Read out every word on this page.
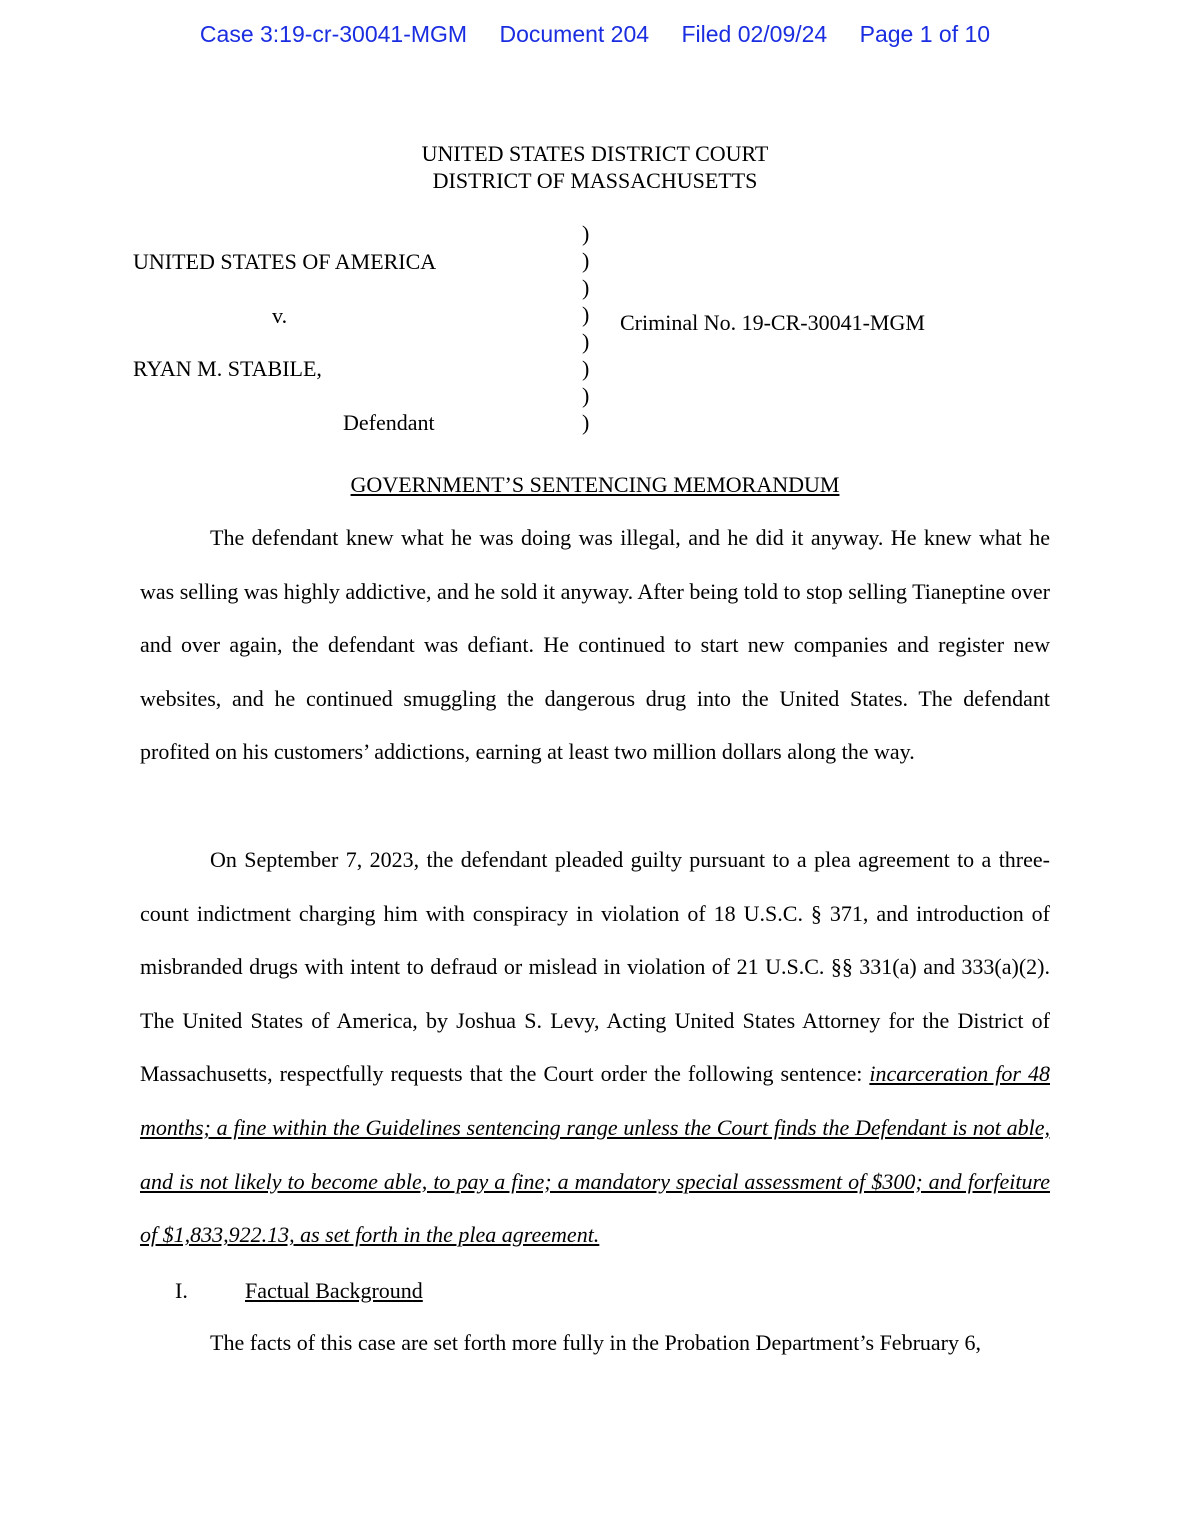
Case 3:19-cr-30041-MGM Document 204 Filed 02/09/24 Page 1 of 10
UNITED STATES DISTRICT COURT
DISTRICT OF MASSACHUSETTS
UNITED STATES OF AMERICA
v.
RYAN M. STABILE,
Defendant
Criminal No. 19-CR-30041-MGM
)
)
)
)
)
)
)
)
GOVERNMENT’S SENTENCING MEMORANDUM
The defendant knew what he was doing was illegal, and he did it anyway. He knew what he was selling was highly addictive, and he sold it anyway. After being told to stop selling Tianeptine over and over again, the defendant was defiant. He continued to start new companies and register new websites, and he continued smuggling the dangerous drug into the United States. The defendant profited on his customers’ addictions, earning at least two million dollars along the way.
On September 7, 2023, the defendant pleaded guilty pursuant to a plea agreement to a three-count indictment charging him with conspiracy in violation of 18 U.S.C. § 371, and introduction of misbranded drugs with intent to defraud or mislead in violation of 21 U.S.C. §§ 331(a) and 333(a)(2). The United States of America, by Joshua S. Levy, Acting United States Attorney for the District of Massachusetts, respectfully requests that the Court order the following sentence: incarceration for 48 months; a fine within the Guidelines sentencing range unless the Court finds the Defendant is not able, and is not likely to become able, to pay a fine; a mandatory special assessment of $300; and forfeiture of $1,833,922.13, as set forth in the plea agreement.
I.	Factual Background
The facts of this case are set forth more fully in the Probation Department’s February 6,
